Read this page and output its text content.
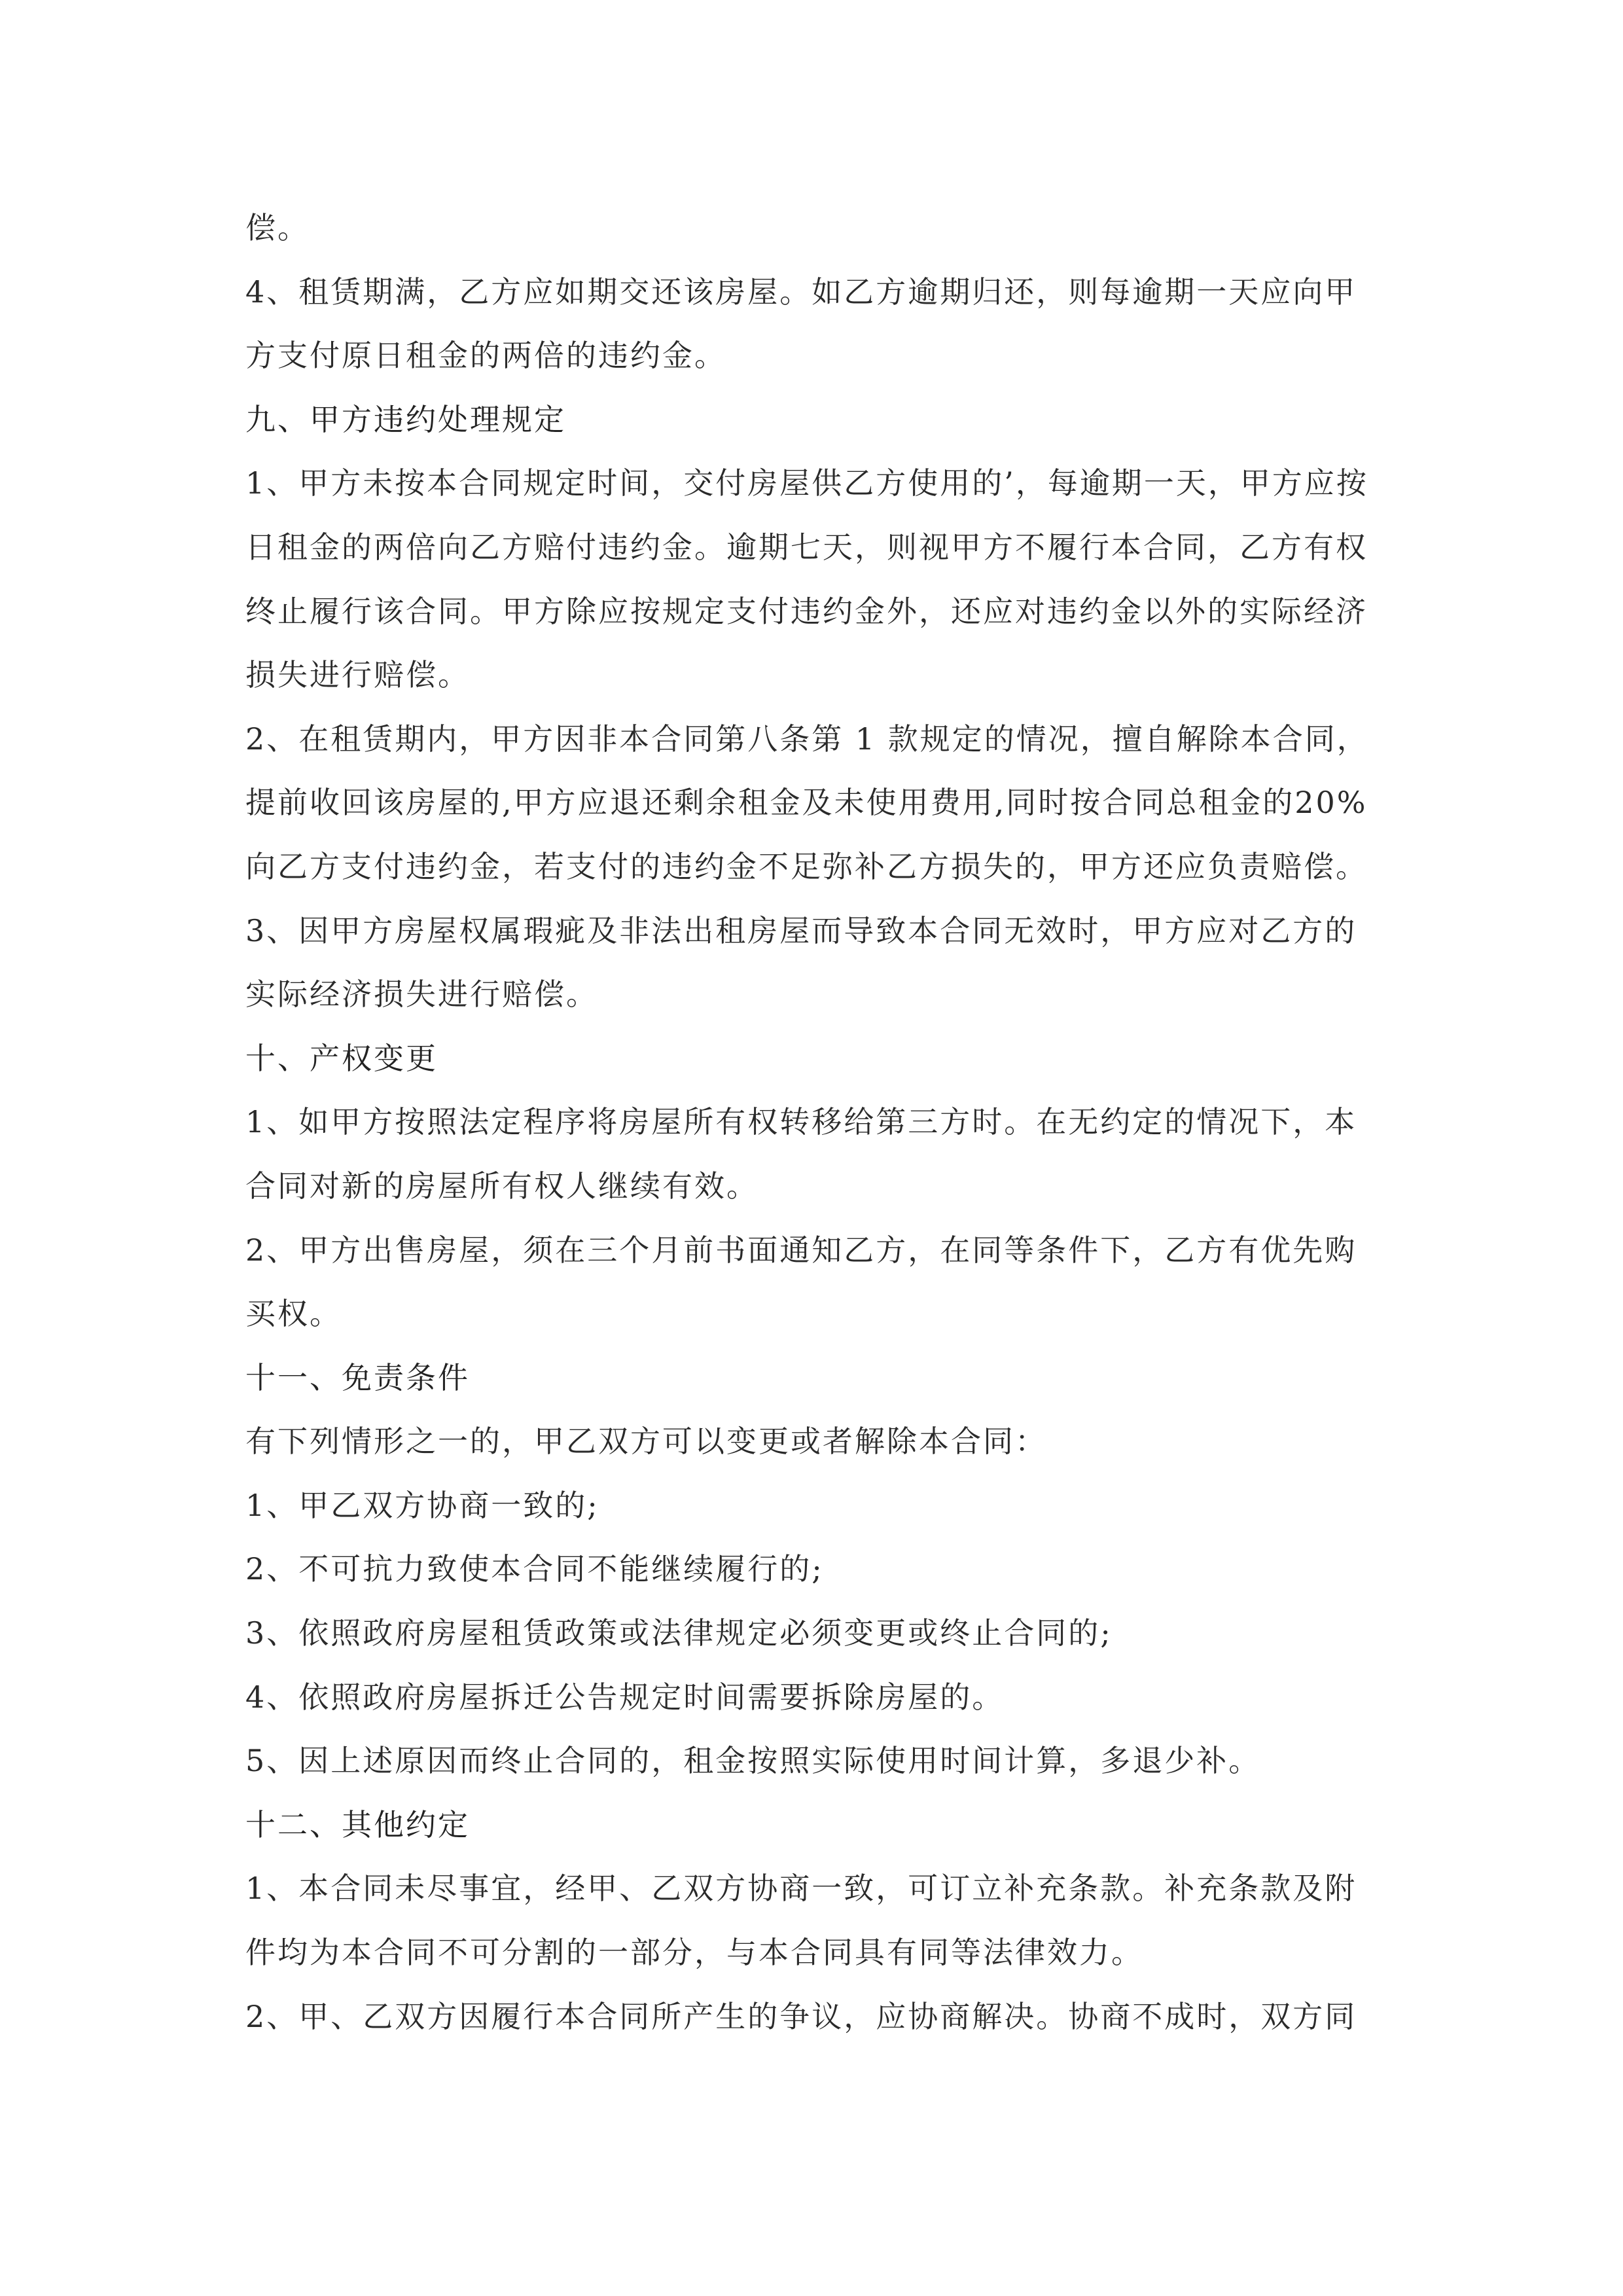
偿。
4、租赁期满，乙方应如期交还该房屋。如乙方逾期归还，则每逾期一天应向甲
方支付原日租金的两倍的违约金。
九、甲方违约处理规定
1、甲方未按本合同规定时间，交付房屋供乙方使用的’，每逾期一天，甲方应按
日租金的两倍向乙方赔付违约金。逾期七天，则视甲方不履行本合同，乙方有权
终止履行该合同。甲方除应按规定支付违约金外，还应对违约金以外的实际经济
损失进行赔偿。
2、在租赁期内，甲方因非本合同第八条第 1 款规定的情况，擅自解除本合同，
提前收回该房屋的,甲方应退还剩余租金及未使用费用,同时按合同总租金的20%
向乙方支付违约金，若支付的违约金不足弥补乙方损失的，甲方还应负责赔偿。
3、因甲方房屋权属瑕疵及非法出租房屋而导致本合同无效时，甲方应对乙方的
实际经济损失进行赔偿。
十、产权变更
1、如甲方按照法定程序将房屋所有权转移给第三方时。在无约定的情况下，本
合同对新的房屋所有权人继续有效。
2、甲方出售房屋，须在三个月前书面通知乙方，在同等条件下，乙方有优先购
买权。
十一、免责条件
有下列情形之一的，甲乙双方可以变更或者解除本合同：
1、甲乙双方协商一致的;
2、不可抗力致使本合同不能继续履行的;
3、依照政府房屋租赁政策或法律规定必须变更或终止合同的;
4、依照政府房屋拆迁公告规定时间需要拆除房屋的。
5、因上述原因而终止合同的，租金按照实际使用时间计算，多退少补。
十二、其他约定
1、本合同未尽事宜，经甲、乙双方协商一致，可订立补充条款。补充条款及附
件均为本合同不可分割的一部分，与本合同具有同等法律效力。
2、甲、乙双方因履行本合同所产生的争议，应协商解决。协商不成时，双方同
